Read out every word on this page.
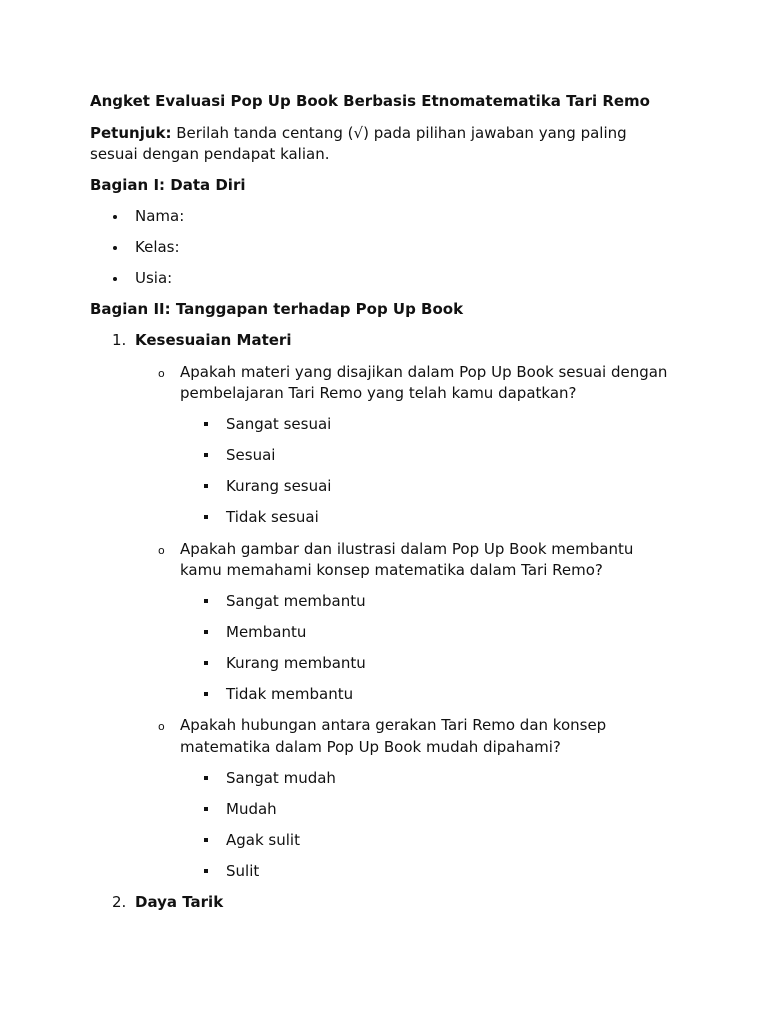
Angket Evaluasi Pop Up Book Berbasis Etnomatematika Tari Remo
Petunjuk: Berilah tanda centang (√) pada pilihan jawaban yang paling
sesuai dengan pendapat kalian.
Bagian I: Data Diri
Nama:
Kelas:
Usia:
Bagian II: Tanggapan terhadap Pop Up Book
1. Kesesuaian Materi
o Apakah materi yang disajikan dalam Pop Up Book sesuai dengan
pembelajaran Tari Remo yang telah kamu dapatkan?
Sangat sesuai
Sesuai
Kurang sesuai
Tidak sesuai
o Apakah gambar dan ilustrasi dalam Pop Up Book membantu
kamu memahami konsep matematika dalam Tari Remo?
Sangat membantu
Membantu
Kurang membantu
Tidak membantu
o Apakah hubungan antara gerakan Tari Remo dan konsep
matematika dalam Pop Up Book mudah dipahami?
Sangat mudah
Mudah
Agak sulit
Sulit
2. Daya Tarik
